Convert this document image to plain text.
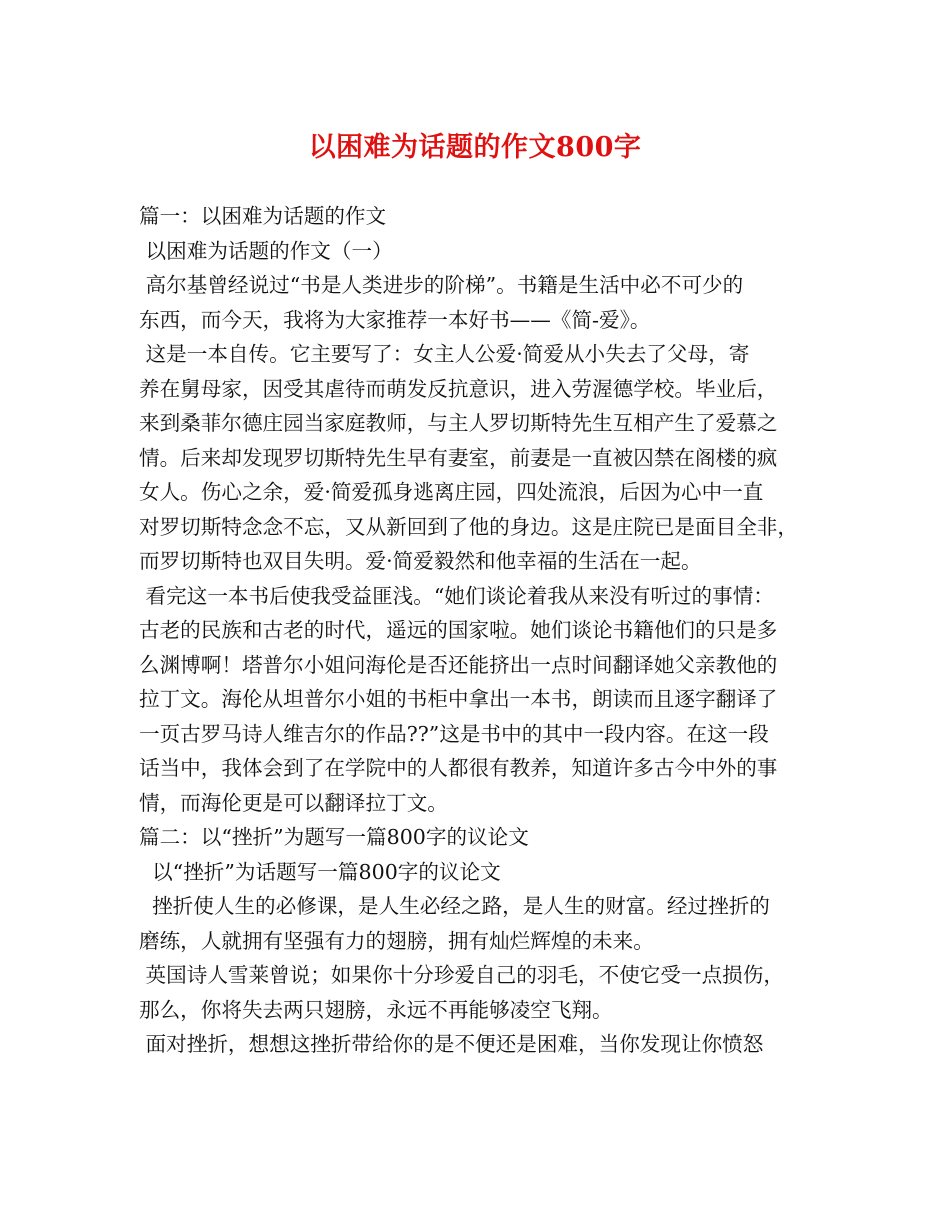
以困难为话题的作文800字
篇一：以困难为话题的作文
以困难为话题的作文（一）
高尔基曾经说过“书是人类进步的阶梯”。书籍是生活中必不可少的
东西，而今天，我将为大家推荐一本好书——《简-爱》。
这是一本自传。它主要写了：女主人公爱·简爱从小失去了父母，寄
养在舅母家，因受其虐待而萌发反抗意识，进入劳渥德学校。毕业后，
来到桑菲尔德庄园当家庭教师，与主人罗切斯特先生互相产生了爱慕之
情。后来却发现罗切斯特先生早有妻室，前妻是一直被囚禁在阁楼的疯
女人。伤心之余，爱·简爱孤身逃离庄园，四处流浪，后因为心中一直
对罗切斯特念念不忘，又从新回到了他的身边。这是庄院已是面目全非，
而罗切斯特也双目失明。爱·简爱毅然和他幸福的生活在一起。
看完这一本书后使我受益匪浅。“她们谈论着我从来没有听过的事情：
古老的民族和古老的时代，遥远的国家啦。她们谈论书籍他们的只是多
么渊博啊！塔普尔小姐问海伦是否还能挤出一点时间翻译她父亲教他的
拉丁文。海伦从坦普尔小姐的书柜中拿出一本书，朗读而且逐字翻译了
一页古罗马诗人维吉尔的作品??”这是书中的其中一段内容。在这一段
话当中，我体会到了在学院中的人都很有教养，知道许多古今中外的事
情，而海伦更是可以翻译拉丁文。
篇二：以“挫折”为题写一篇800字的议论文
以“挫折”为话题写一篇800字的议论文
挫折使人生的必修课，是人生必经之路，是人生的财富。经过挫折的
磨练，人就拥有坚强有力的翅膀，拥有灿烂辉煌的未来。
英国诗人雪莱曾说；如果你十分珍爱自己的羽毛，不使它受一点损伤，
那么，你将失去两只翅膀，永远不再能够凌空飞翔。
面对挫折，想想这挫折带给你的是不便还是困难，当你发现让你愤怒
